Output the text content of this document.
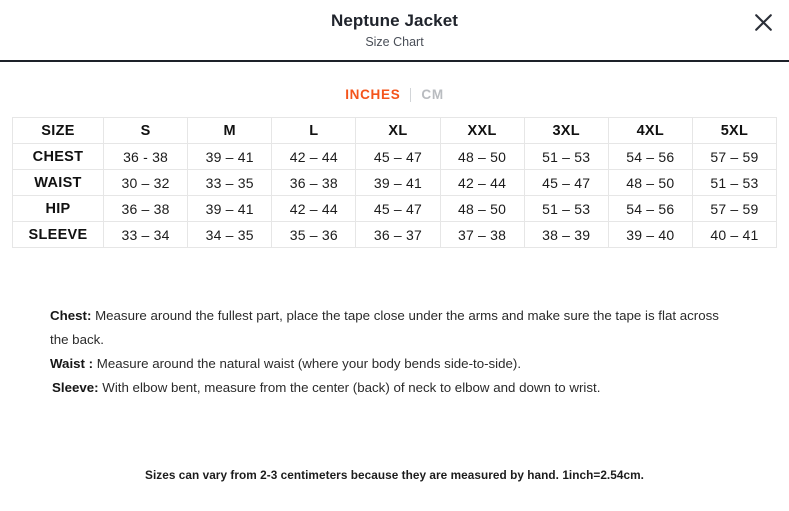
Neptune Jacket
Size Chart
INCHES CM
SIZE	S	M	L	XL	XXL	3XL	4XL	5XL
CHEST	36 - 38	39 – 41	42 – 44	45 – 47	48 – 50	51 – 53	54 – 56	57 – 59
WAIST	30 – 32	33 – 35	36 – 38	39 – 41	42 – 44	45 – 47	48 – 50	51 – 53
HIP	36 – 38	39 – 41	42 – 44	45 – 47	48 – 50	51 – 53	54 – 56	57 – 59
SLEEVE	33 – 34	34 – 35	35 – 36	36 – 37	37 – 38	38 – 39	39 – 40	40 – 41

Chest: Measure around the fullest part, place the tape close under the arms and make sure the tape is flat across the back.

Waist : Measure around the natural waist (where your body bends side-to-side).

Sleeve: With elbow bent, measure from the center (back) of neck to elbow and down to wrist.

Sizes can vary from 2-3 centimeters because they are measured by hand. 1inch=2.54cm.
